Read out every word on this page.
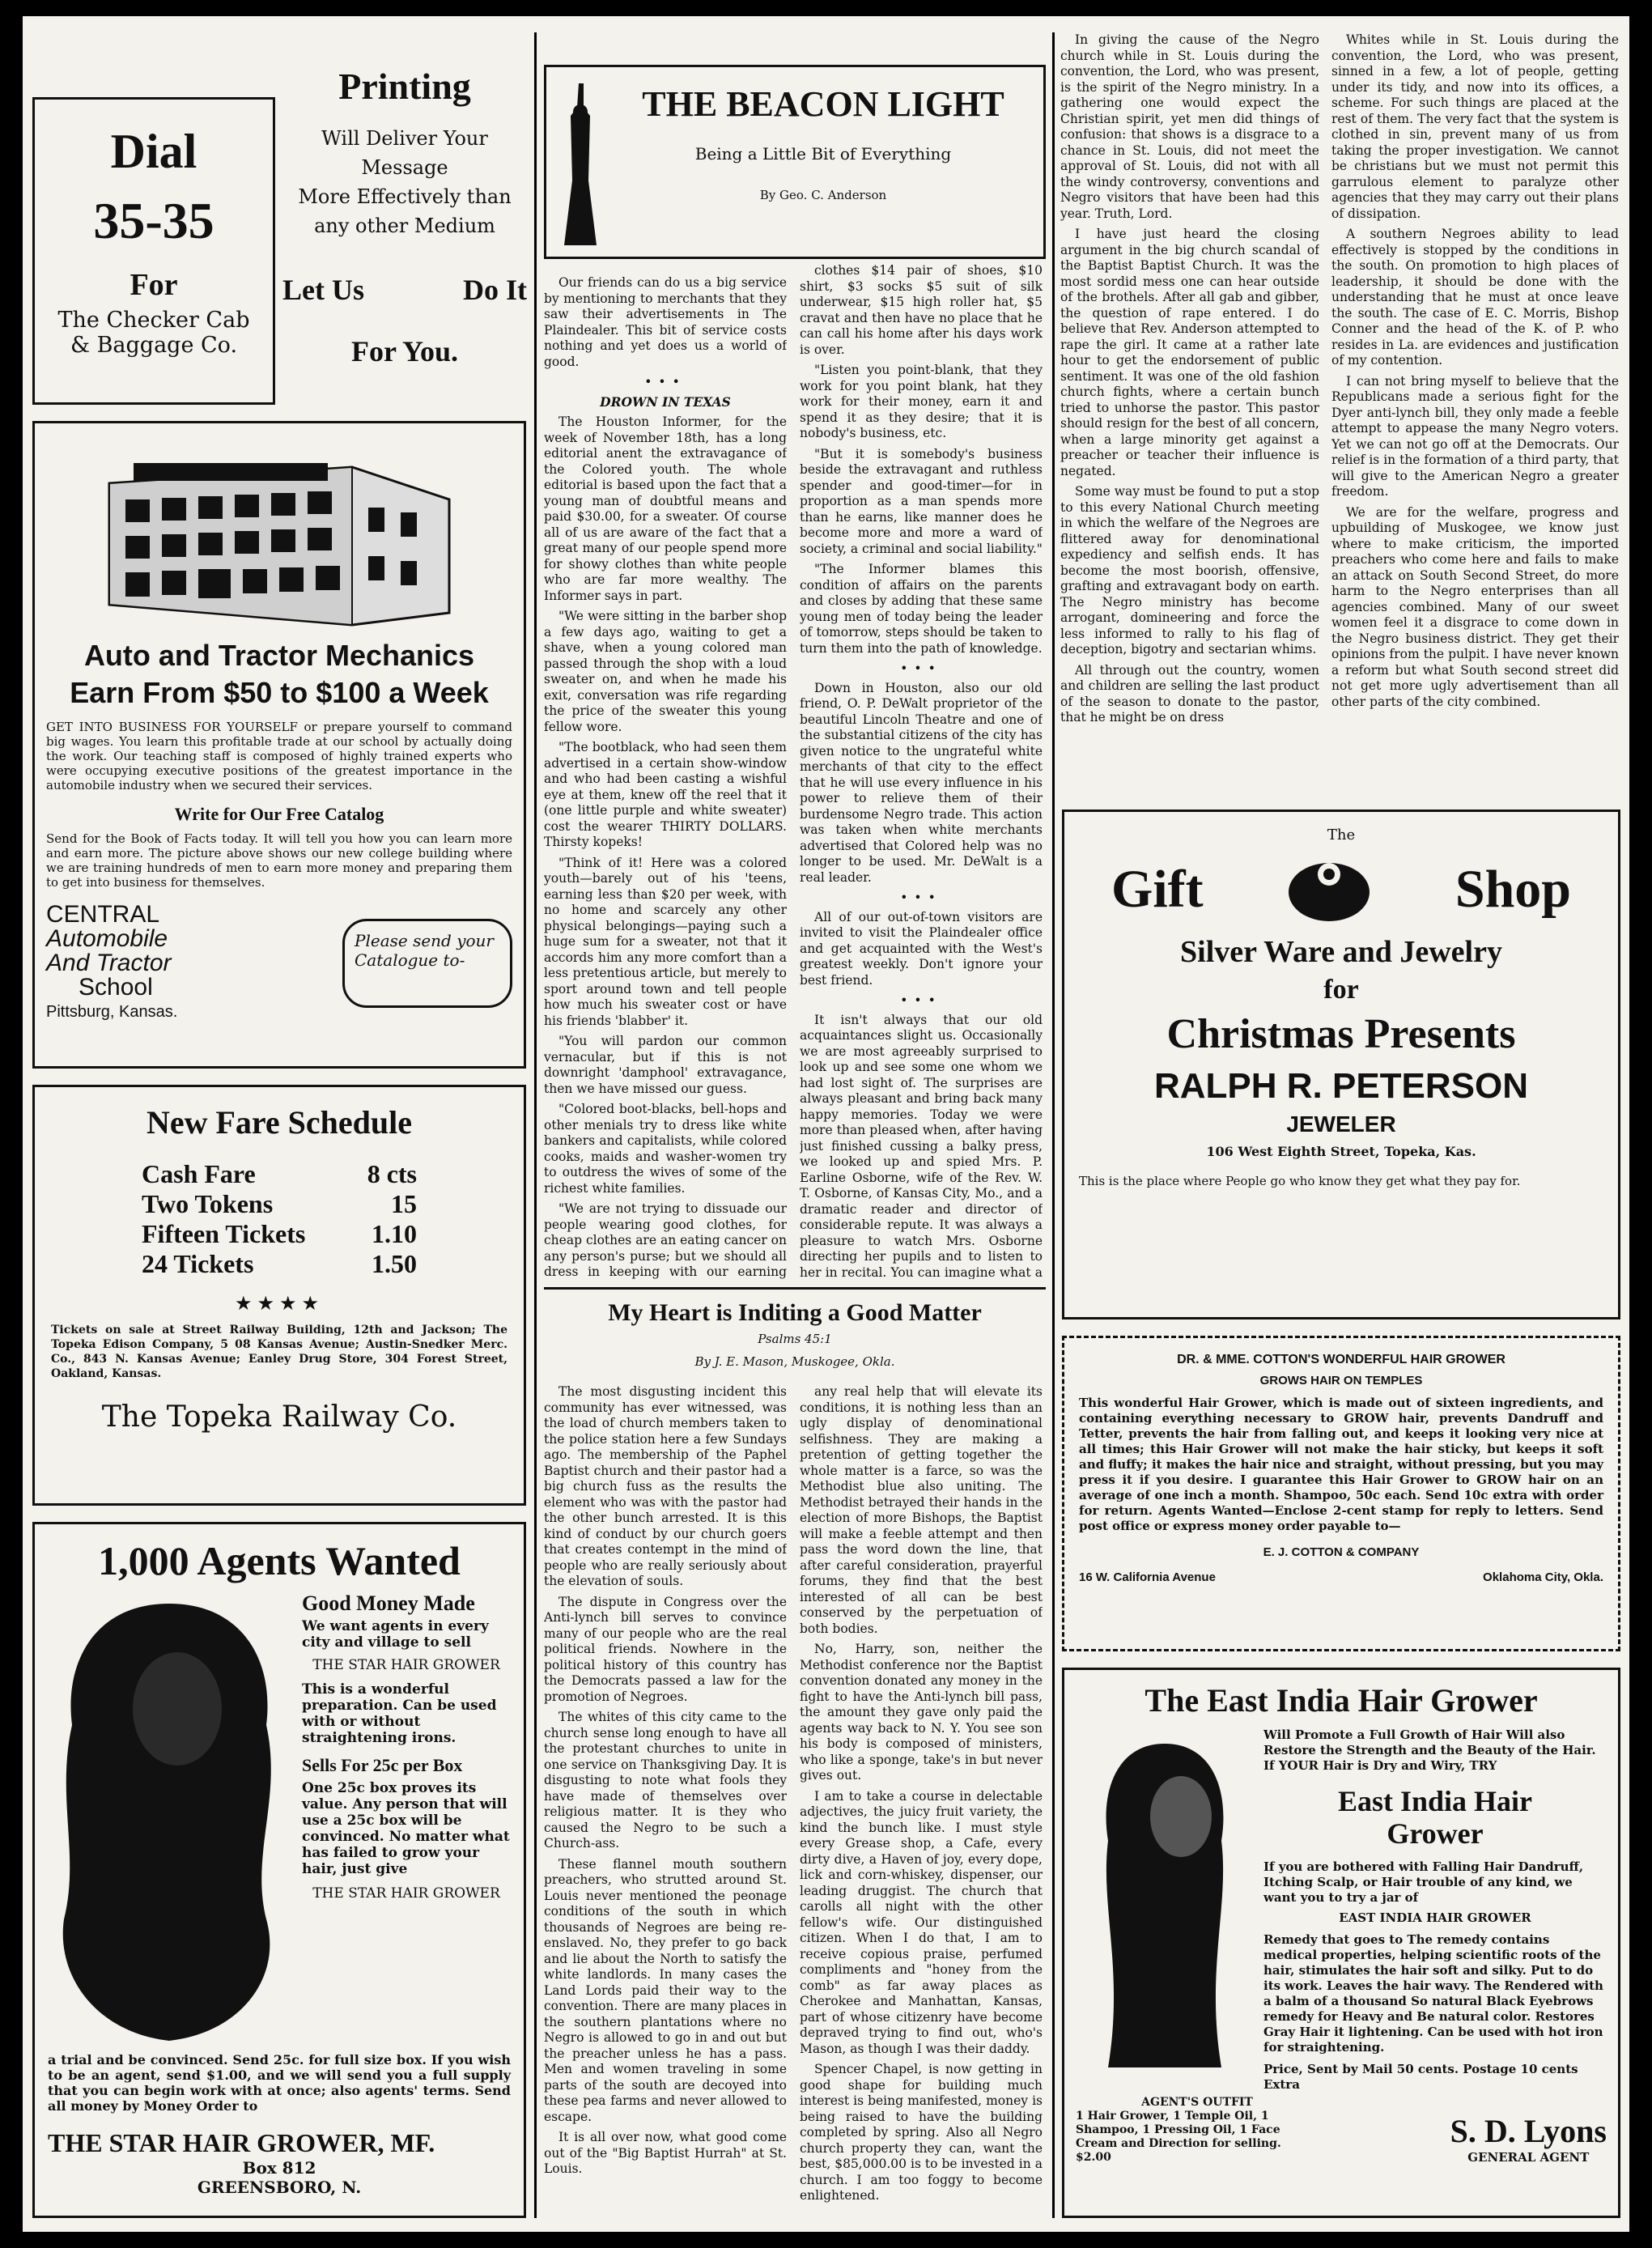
Dial
35-35
For
The Checker Cab
& Baggage Co.
Printing
Will Deliver Your
Message
More Effectively than
any other Medium
Let Us	Do It
For You.
Auto and Tractor Mechanics
Earn From $50 to $100 a Week
GET INTO BUSINESS FOR YOURSELF or prepare yourself to command big wages. You learn this profitable trade at our school by actually doing the work. Our teaching staff is composed of highly trained experts who were occupying executive positions of the greatest importance in the automobile industry when we secured their services.
Write for Our Free Catalog
Send for the Book of Facts today. It will tell you how you can learn more and earn more. The picture above shows our new college building where we are training hundreds of men to earn more money and preparing them to get into business for themselves.
CENTRAL
Automobile
And Tractor
School
Pittsburg, Kansas.
Please send your
Catalogue to-
New Fare Schedule
Cash Fare	8 cts
Two Tokens	15
Fifteen Tickets	1.10
24 Tickets	1.50
★★★★
Tickets on sale at Street Railway Building, 12th and Jackson; The Topeka Edison Company, 5 08 Kansas Avenue; Austin-Snedker Merc. Co., 843 N. Kansas Avenue; Eanley Drug Store, 304 Forest Street, Oakland, Kansas.
The Topeka Railway Co.
1,000 Agents Wanted
Good Money Made
We want agents in every city and village to sell
THE STAR HAIR GROWER
This is a wonderful preparation. Can be used with or without straightening irons.
Sells For 25c per Box
One 25c box proves its value. Any person that will use a 25c box will be convinced. No matter what has failed to grow your hair, just give
THE STAR HAIR GROWER
a trial and be convinced. Send 25c. for full size box. If you wish to be an agent, send $1.00, and we will send you a full supply that you can begin work with at once; also agents' terms. Send all money by Money Order to
THE STAR HAIR GROWER, MF.
Box 812
GREENSBORO, N.
THE BEACON LIGHT
Being a Little Bit of Everything
By Geo. C. Anderson

Our friends can do us a big service by mentioning to merchants that they saw their advertisements in The Plaindealer. This bit of service costs nothing and yet does us a world of good.

•••
DROWN IN TEXAS

The Houston Informer, for the week of November 18th, has a long editorial anent the extravagance of the Colored youth. The whole editorial is based upon the fact that a young man of doubtful means and paid $30.00, for a sweater. Of course all of us are aware of the fact that a great many of our people spend more for showy clothes than white people who are far more wealthy. The Informer says in part.

"We were sitting in the barber shop a few days ago, waiting to get a shave, when a young colored man passed through the shop with a loud sweater on, and when he made his exit, conversation was rife regarding the price of the sweater this young fellow wore.

"The bootblack, who had seen them advertised in a certain show-window and who had been casting a wishful eye at them, knew off the reel that it (one little purple and white sweater) cost the wearer THIRTY DOLLARS. Thirsty kopeks!

"Think of it! Here was a colored youth—barely out of his 'teens, earning less than $20 per week, with no home and scarcely any other physical belongings—paying such a huge sum for a sweater, not that it accords him any more comfort than a less pretentious article, but merely to sport around town and tell people how much his sweater cost or have his friends 'blabber' it.

"You will pardon our common vernacular, but if this is not downright 'damphool' extravagance, then we have missed our guess.

"Colored boot-blacks, bell-hops and other menials try to dress like white bankers and capitalists, while colored cooks, maids and washer-women try to outdress the wives of some of the richest white families.

"We are not trying to dissuade our people wearing good clothes, for cheap clothes are an eating cancer on any person's purse; but we should all dress in keeping with our earning

clothes $14 pair of shoes, $10 shirt, $3 socks $5 suit of silk underwear, $15 high roller hat, $5 cravat and then have no place that he can call his home after his days work is over.

"Listen you point-blank, that they work for you point blank, hat they work for their money, earn it and spend it as they desire; that it is nobody's business, etc.

"But it is somebody's business beside the extravagant and ruthless spender and good-timer—for in proportion as a man spends more than he earns, like manner does he become more and more a ward of society, a criminal and social liability."

"The Informer blames this condition of affairs on the parents and closes by adding that these same young men of today being the leader of tomorrow, steps should be taken to turn them into the path of knowledge.

•••

Down in Houston, also our old friend, O. P. DeWalt proprietor of the beautiful Lincoln Theatre and one of the substantial citizens of the city has given notice to the ungrateful white merchants of that city to the effect that he will use every influence in his power to relieve them of their burdensome Negro trade. This action was taken when white merchants advertised that Colored help was no longer to be used. Mr. DeWalt is a real leader.

•••

All of our out-of-town visitors are invited to visit the Plaindealer office and get acquainted with the West's greatest weekly. Don't ignore your best friend.

•••

It isn't always that our old acquaintances slight us. Occasionally we are most agreeably surprised to look up and see some one whom we had lost sight of. The surprises are always pleasant and bring back many happy memories. Today we were more than pleased when, after having just finished cussing a balky press, we looked up and spied Mrs. P. Earline Osborne, wife of the Rev. W. T. Osborne, of Kansas City, Mo., and a dramatic reader and director of considerable repute. It was always a pleasure to watch Mrs. Osborne directing her pupils and to listen to her in recital. You can imagine what a

My Heart is Inditing a Good Matter
Psalms 45:1
By J. E. Mason, Muskogee, Okla.

The most disgusting incident this community has ever witnessed, was the load of church members taken to the police station here a few Sundays ago. The membership of the Paphel Baptist church and their pastor had a big church fuss as the results the element who was with the pastor had the other bunch arrested. It is this kind of conduct by our church goers that creates contempt in the mind of people who are really seriously about the elevation of souls.

The dispute in Congress over the Anti-lynch bill serves to convince many of our people who are the real political friends. Nowhere in the political history of this country has the Democrats passed a law for the promotion of Negroes.

The whites of this city came to the church sense long enough to have all the protestant churches to unite in one service on Thanksgiving Day. It is disgusting to note what fools they have made of themselves over religious matter. It is they who caused the Negro to be such a Church-ass.

These flannel mouth southern preachers, who strutted around St. Louis never mentioned the peonage conditions of the south in which thousands of Negroes are being re-enslaved. No, they prefer to go back and lie about the North to satisfy the white landlords. In many cases the Land Lords paid their way to the convention. There are many places in the southern plantations where no Negro is allowed to go in and out but the preacher unless he has a pass. Men and women traveling in some parts of the south are decoyed into these pea farms and never allowed to escape.

It is all over now, what good come out of the "Big Baptist Hurrah" at St. Louis.

any real help that will elevate its conditions, it is nothing less than an ugly display of denominational selfishness. They are making a pretention of getting together the whole matter is a farce, so was the Methodist blue also uniting. The Methodist betrayed their hands in the election of more Bishops, the Baptist will make a feeble attempt and then pass the word down the line, that after careful consideration, prayerful forums, they find that the best interested of all can be best conserved by the perpetuation of both bodies.

No, Harry, son, neither the Methodist conference nor the Baptist convention donated any money in the fight to have the Anti-lynch bill pass, the amount they gave only paid the agents way back to N. Y. You see son his body is composed of ministers, who like a sponge, take's in but never gives out.

I am to take a course in delectable adjectives, the juicy fruit variety, the kind the bunch like. I must style every Grease shop, a Cafe, every dirty dive, a Haven of joy, every dope, lick and corn-whiskey, dispenser, our leading druggist. The church that carolls all night with the other fellow's wife. Our distinguished citizen. When I do that, I am to receive copious praise, perfumed compliments and "honey from the comb" as far away places as Cherokee and Manhattan, Kansas, part of whose citizenry have become depraved trying to find out, who's Mason, as though I was their daddy.

Spencer Chapel, is now getting in good shape for building much interest is being manifested, money is being raised to have the building completed by spring. Also all Negro church property they can, want the best, $85,000.00 is to be invested in a church. I am too foggy to become enlightened.

In giving the cause of the Negro church while in St. Louis during the convention, the Lord, who was present, is the spirit of the Negro ministry. In a gathering one would expect the Christian spirit, yet men did things of confusion: that shows is a disgrace to a chance in St. Louis, did not meet the approval of St. Louis, did not with all the windy controversy, conventions and Negro visitors that have been had this year. Truth, Lord.

I have just heard the closing argument in the big church scandal of the Baptist Baptist Church. It was the most sordid mess one can hear outside of the brothels. After all gab and gibber, the question of rape entered. I do believe that Rev. Anderson attempted to rape the girl. It came at a rather late hour to get the endorsement of public sentiment. It was one of the old fashion church fights, where a certain bunch tried to unhorse the pastor. This pastor should resign for the best of all concern, when a large minority get against a preacher or teacher their influence is negated.

Some way must be found to put a stop to this every National Church meeting in which the welfare of the Negroes are flittered away for denominational expediency and selfish ends. It has become the most boorish, offensive, grafting and extravagant body on earth. The Negro ministry has become arrogant, domineering and force the less informed to rally to his flag of deception, bigotry and sectarian whims.

All through out the country, women and children are selling the last product of the season to donate to the pastor, that he might be on dress

Whites while in St. Louis during the convention, the Lord, who was present, sinned in a few, a lot of people, getting under its tidy, and now into its offices, a scheme. For such things are placed at the rest of them. The very fact that the system is clothed in sin, prevent many of us from taking the proper investigation. We cannot be christians but we must not permit this garrulous element to paralyze other agencies that they may carry out their plans of dissipation.

A southern Negroes ability to lead effectively is stopped by the conditions in the south. On promotion to high places of leadership, it should be done with the understanding that he must at once leave the south. The case of E. C. Morris, Bishop Conner and the head of the K. of P. who resides in La. are evidences and justification of my contention.

I can not bring myself to believe that the Republicans made a serious fight for the Dyer anti-lynch bill, they only made a feeble attempt to appease the many Negro voters. Yet we can not go off at the Democrats. Our relief is in the formation of a third party, that will give to the American Negro a greater freedom.

We are for the welfare, progress and upbuilding of Muskogee, we know just where to make criticism, the imported preachers who come here and fails to make an attack on South Second Street, do more harm to the Negro enterprises than all agencies combined. Many of our sweet women feel it a disgrace to come down in the Negro business district. They get their opinions from the pulpit. I have never known a reform but what South second street did not get more ugly advertisement than all other parts of the city combined.

The
Gift	Shop
Silver Ware and Jewelry
for
Christmas Presents
RALPH R. PETERSON
JEWELER
106 West Eighth Street, Topeka, Kas.
This is the place where People go who know they get what they pay for.
DR. & MME. COTTON'S WONDERFUL HAIR GROWER
GROWS HAIR ON TEMPLES
This wonderful Hair Grower, which is made out of sixteen ingredients, and containing everything necessary to GROW hair, prevents Dandruff and Tetter, prevents the hair from falling out, and keeps it looking very nice at all times; this Hair Grower will not make the hair sticky, but keeps it soft and fluffy; it makes the hair nice and straight, without pressing, but you may press it if you desire. I guarantee this Hair Grower to GROW hair on an average of one inch a month. Shampoo, 50c each. Send 10c extra with order for return. Agents Wanted—Enclose 2-cent stamp for reply to letters. Send post office or express money order payable to—
E. J. COTTON & COMPANY
16 W. California Avenue	Oklahoma City, Okla.
The East India Hair Grower
Will Promote a Full Growth of Hair Will also Restore the Strength and the Beauty of the Hair. If YOUR Hair is Dry and Wiry, TRY
East India Hair
Grower
If you are bothered with Falling Hair Dandruff, Itching Scalp, or Hair trouble of any kind, we want you to try a jar of
EAST INDIA HAIR GROWER
Remedy that goes to The remedy contains medical properties, helping scientific roots of the hair, stimulates the hair soft and silky. Put to do its work. Leaves the hair wavy. The Rendered with a balm of a thousand So natural Black Eyebrows remedy for Heavy and Be natural color. Restores Gray Hair it lightening. Can be used with hot iron for straightening.
Price, Sent by Mail 50 cents. Postage 10 cents Extra
AGENT'S OUTFIT
1 Hair Grower, 1 Temple Oil, 1 Shampoo, 1 Pressing Oil, 1 Face Cream and Direction for selling. $2.00
S. D. Lyons
GENERAL AGENT
